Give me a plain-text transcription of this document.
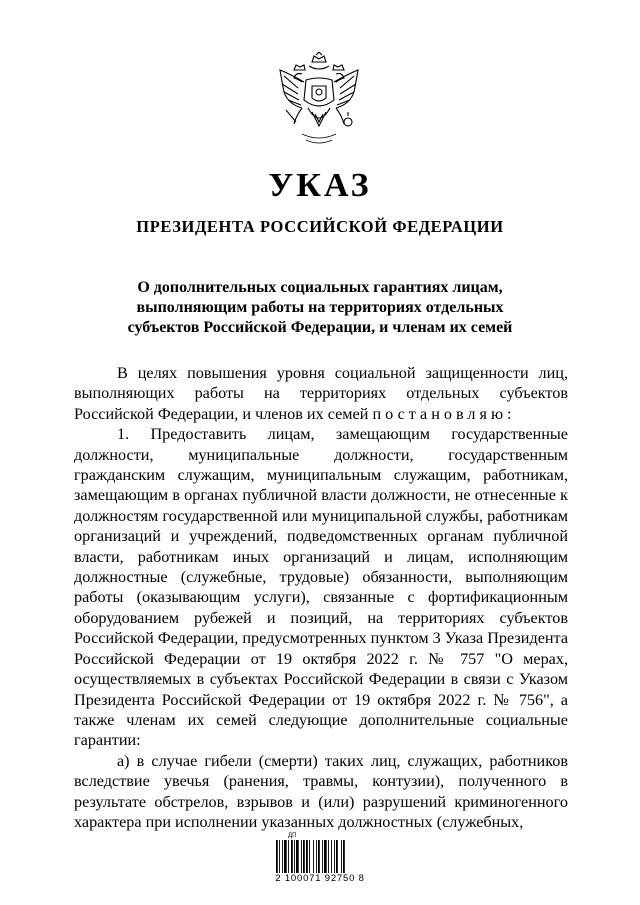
УКАЗ
ПРЕЗИДЕНТА РОССИЙСКОЙ ФЕДЕРАЦИИ
О дополнительных социальных гарантиях лицам,
выполняющим работы на территориях отдельных
субъектов Российской Федерации, и членам их семей

В целях повышения уровня социальной защищенности лиц, выполняющих работы на территориях отдельных субъектов Российской Федерации, и членов их семей постановляю:

1. Предоставить лицам, замещающим государственные должности, муниципальные должности, государственным гражданским служащим, муниципальным служащим, работникам, замещающим в органах публичной власти должности, не отнесенные к должностям государственной или муниципальной службы, работникам организаций и учреждений, подведомственных органам публичной власти, работникам иных организаций и лицам, исполняющим должностные (служебные, трудовые) обязанности, выполняющим работы (оказывающим услуги), связанные с фортификационным оборудованием рубежей и позиций, на территориях субъектов Российской Федерации, предусмотренных пунктом 3 Указа Президента Российской Федерации от 19 октября 2022 г. № 757 "О мерах, осуществляемых в субъектах Российской Федерации в связи с Указом Президента Российской Федерации от 19 октября 2022 г. № 756", а также членам их семей следующие дополнительные социальные гарантии:

а) в случае гибели (смерти) таких лиц, служащих, работников вследствие увечья (ранения, травмы, контузии), полученного в результате обстрелов, взрывов и (или) разрушений криминогенного характера при исполнении указанных должностных (служебных,

ДП
2 100071 92750 8
